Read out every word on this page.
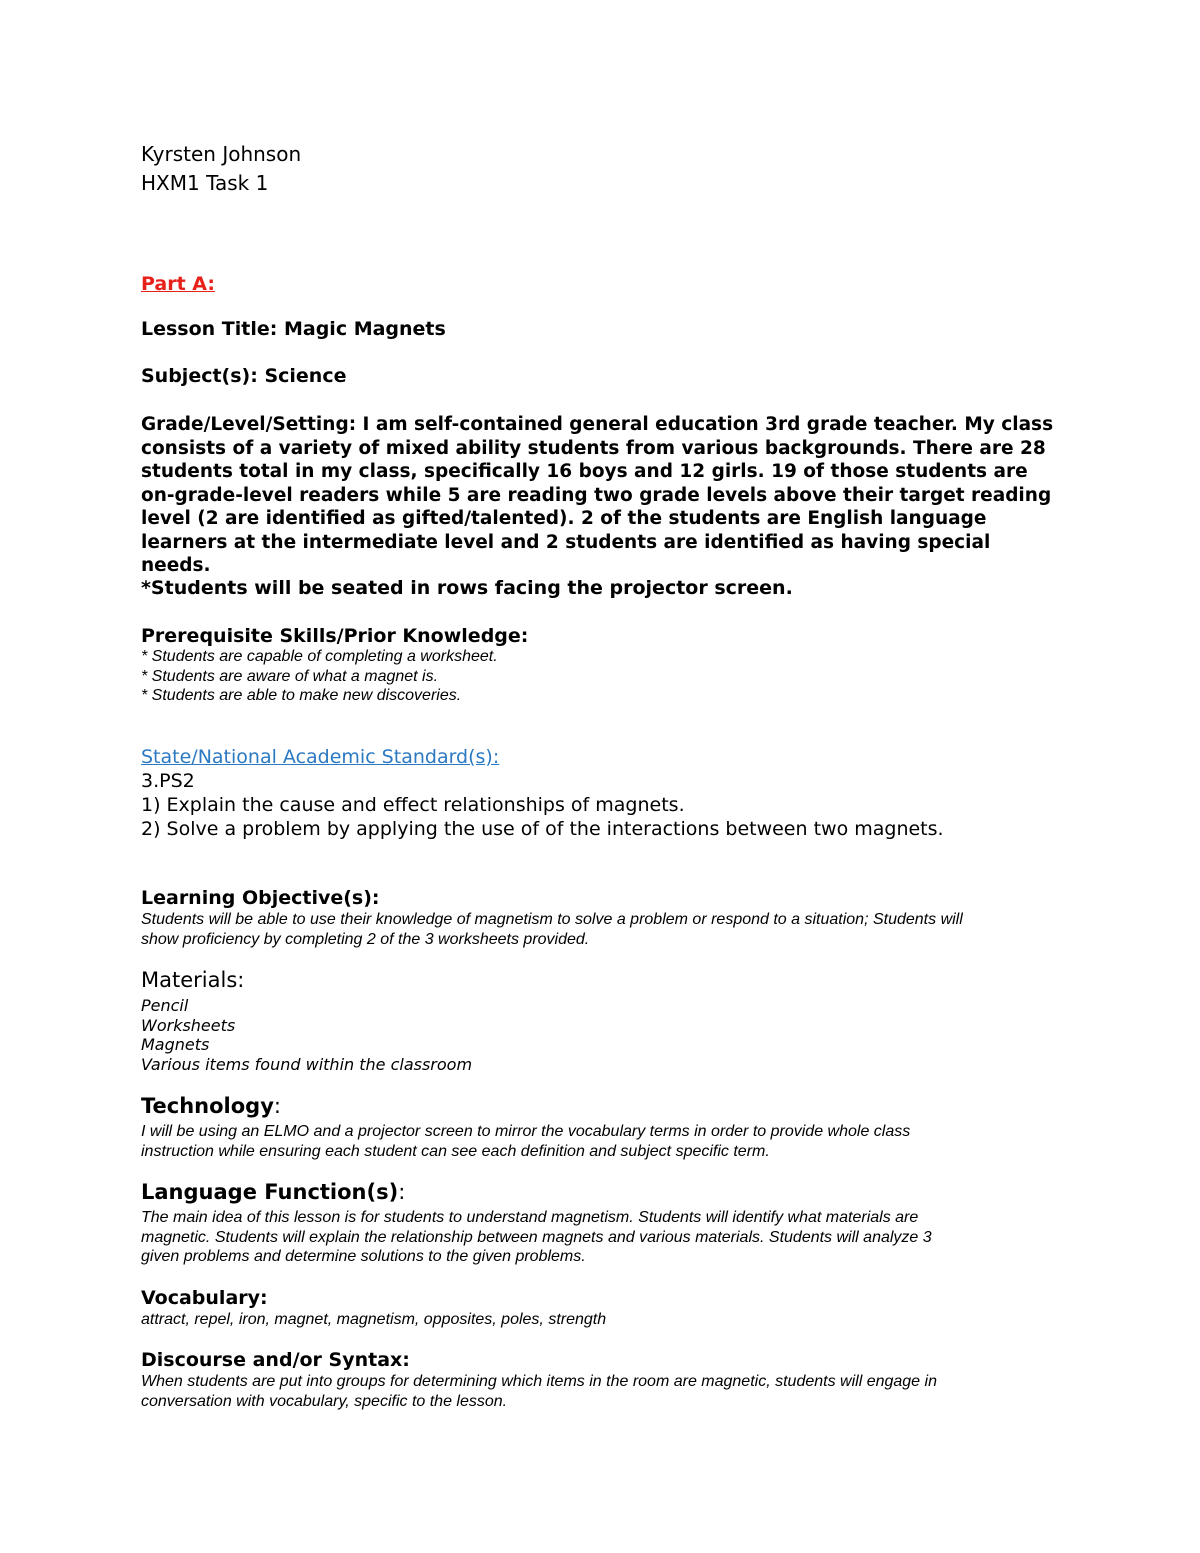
Kyrsten Johnson
HXM1 Task 1
Part A:
Lesson Title: Magic Magnets
Subject(s): Science
Grade/Level/Setting: I am self-contained general education 3rd grade teacher. My class consists of a variety of mixed ability students from various backgrounds. There are 28 students total in my class, specifically 16 boys and 12 girls. 19 of those students are on-grade-level readers while 5 are reading two grade levels above their target reading level (2 are identified as gifted/talented). 2 of the students are English language learners at the intermediate level and 2 students are identified as having special needs.
*Students will be seated in rows facing the projector screen.
Prerequisite Skills/Prior Knowledge:
* Students are capable of completing a worksheet.
* Students are aware of what a magnet is.
* Students are able to make new discoveries.
State/National Academic Standard(s):
3.PS2
1) Explain the cause and effect relationships of magnets.
2) Solve a problem by applying the use of of the interactions between two magnets.
Learning Objective(s):
Students will be able to use their knowledge of magnetism to solve a problem or respond to a situation; Students will
show proficiency by completing 2 of the 3 worksheets provided.
Materials:
Pencil
Worksheets
Magnets
Various items found within the classroom
Technology:
I will be using an ELMO and a projector screen to mirror the vocabulary terms in order to provide whole class
instruction while ensuring each student can see each definition and subject specific term.
Language Function(s):
The main idea of this lesson is for students to understand magnetism. Students will identify what materials are
magnetic. Students will explain the relationship between magnets and various materials. Students will analyze 3
given problems and determine solutions to the given problems.
Vocabulary:
attract, repel, iron, magnet, magnetism, opposites, poles, strength
Discourse and/or Syntax:
When students are put into groups for determining which items in the room are magnetic, students will engage in
conversation with vocabulary, specific to the lesson.
